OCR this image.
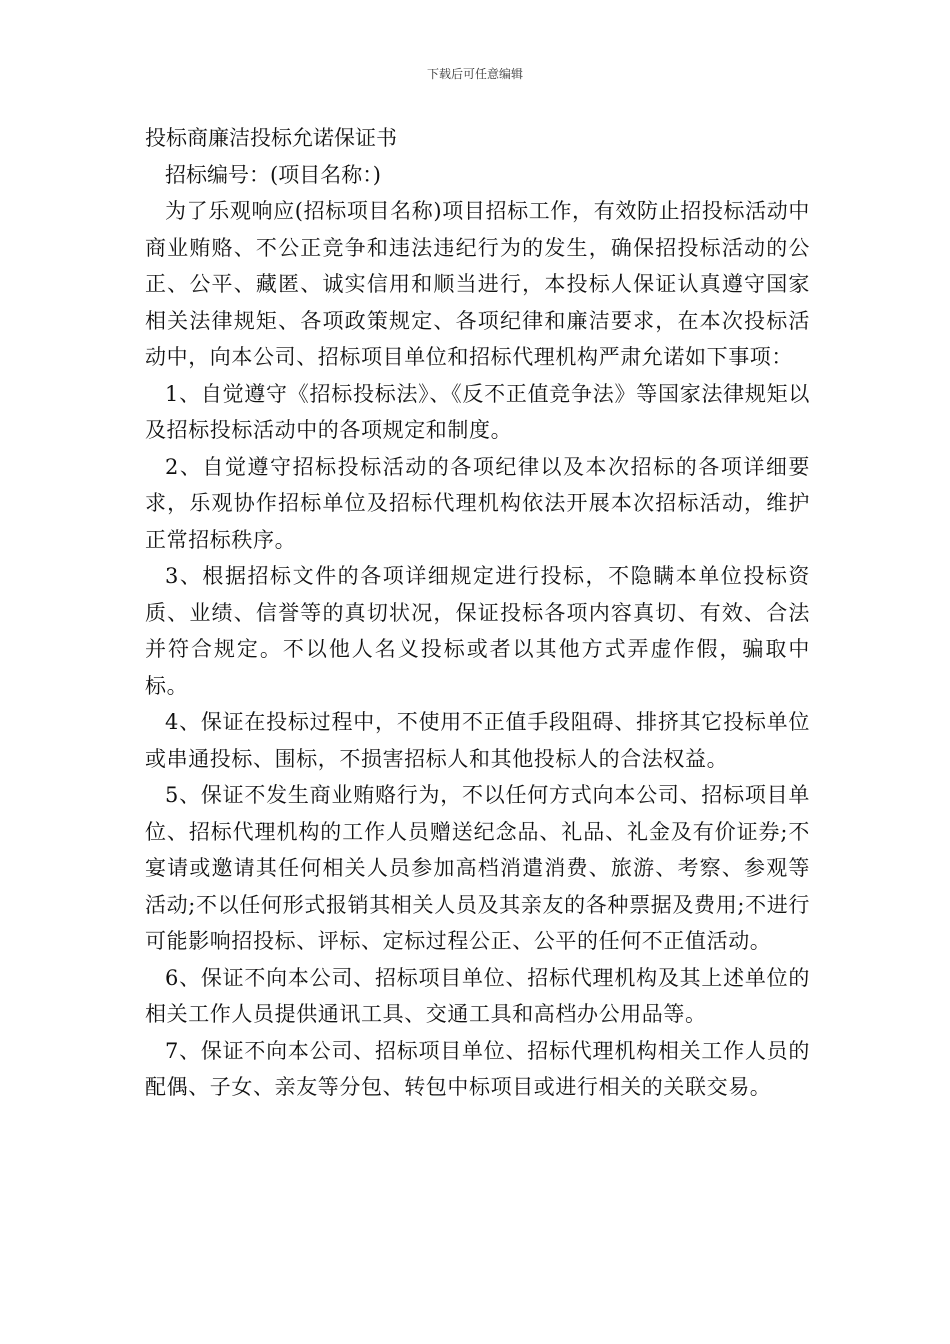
下载后可任意编辑
投标商廉洁投标允诺保证书

招标编号：(项目名称：)

为了乐观响应(招标项目名称)项目招标工作，有效防止招投标活动中商业贿赂、不公正竞争和违法违纪行为的发生，确保招投标活动的公正、公平、藏匿、诚实信用和顺当进行，本投标人保证认真遵守国家相关法律规矩、各项政策规定、各项纪律和廉洁要求，在本次投标活动中，向本公司、招标项目单位和招标代理机构严肃允诺如下事项：

1、自觉遵守《招标投标法》、《反不正值竞争法》等国家法律规矩以及招标投标活动中的各项规定和制度。

2、自觉遵守招标投标活动的各项纪律以及本次招标的各项详细要求，乐观协作招标单位及招标代理机构依法开展本次招标活动，维护正常招标秩序。

3、根据招标文件的各项详细规定进行投标，不隐瞒本单位投标资质、业绩、信誉等的真切状况，保证投标各项内容真切、有效、合法并符合规定。不以他人名义投标或者以其他方式弄虚作假，骗取中标。

4、保证在投标过程中，不使用不正值手段阻碍、排挤其它投标单位或串通投标、围标，不损害招标人和其他投标人的合法权益。

5、保证不发生商业贿赂行为，不以任何方式向本公司、招标项目单位、招标代理机构的工作人员赠送纪念品、礼品、礼金及有价证券;不宴请或邀请其任何相关人员参加高档消遣消费、旅游、考察、参观等活动;不以任何形式报销其相关人员及其亲友的各种票据及费用;不进行可能影响招投标、评标、定标过程公正、公平的任何不正值活动。

6、保证不向本公司、招标项目单位、招标代理机构及其上述单位的相关工作人员提供通讯工具、交通工具和高档办公用品等。

7、保证不向本公司、招标项目单位、招标代理机构相关工作人员的配偶、子女、亲友等分包、转包中标项目或进行相关的关联交易。
